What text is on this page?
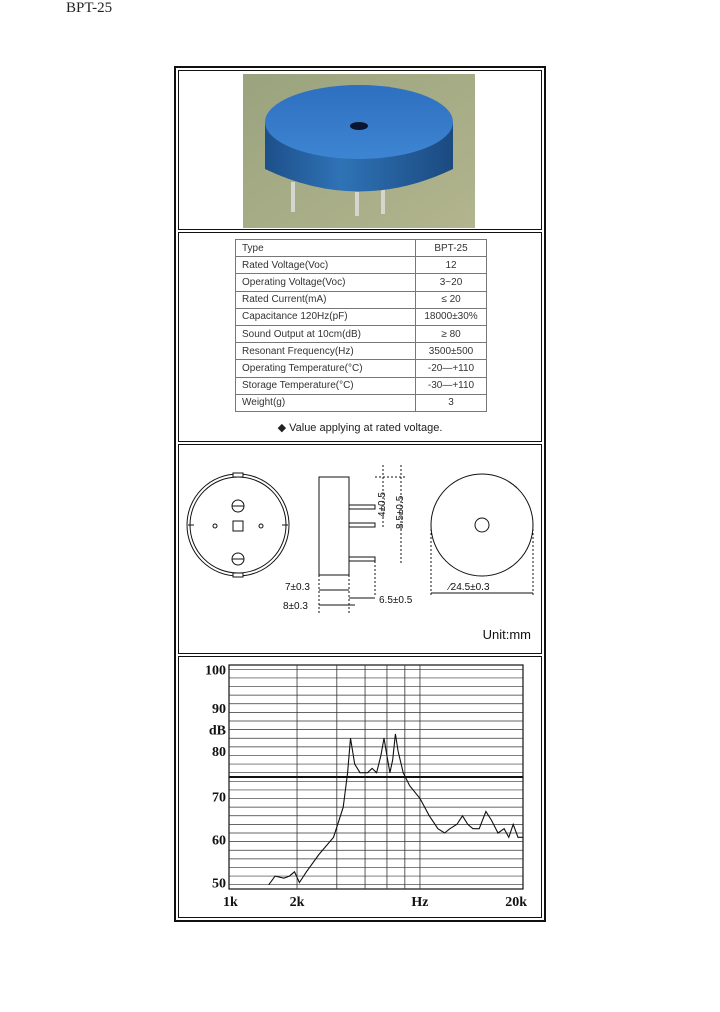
BPT-25
Type	BPT-25
Rated Voltage(Voc)	12
Operating Voltage(Voc)	3~20
Rated Current(mA)	≤ 20
Capacitance 120Hz(pF)	18000±30%
Sound Output at 10cm(dB)	≥ 80
Resonant Frequency(Hz)	3500±500
Operating Temperature(°C)	-20—+110
Storage Temperature(°C)	-30—+110
Weight(g)	3
◆ Value applying at rated voltage.
4±0.5 8.5±0.5
7±0.3
8±0.3
6.5±0.5
∕24.5±0.3
Unit:mm
100
90
dB
80
70
60
50
1k	2k	Hz	20k
